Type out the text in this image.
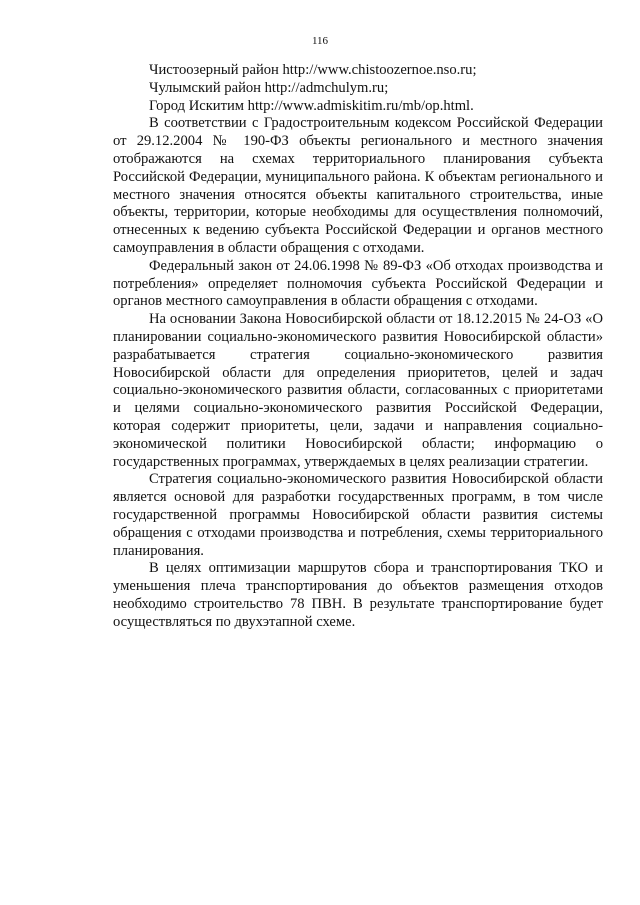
116

Чистоозерный район http://www.chistoozernoe.nso.ru;

Чулымский район http://admchulym.ru;

Город Искитим http://www.admiskitim.ru/mb/op.html.

В соответствии с Градостроительным кодексом Российской Федерации от 29.12.2004 № 190-ФЗ объекты регионального и местного значения отображаются на схемах территориального планирования субъекта Российской Федерации, муниципального района. К объектам регионального и местного значения относятся объекты капитального строительства, иные объекты, территории, которые необходимы для осуществления полномочий, отнесенных к ведению субъекта Российской Федерации и органов местного самоуправления в области обращения с отходами.

Федеральный закон от 24.06.1998 № 89-ФЗ «Об отходах производства и потребления» определяет полномочия субъекта Российской Федерации и органов местного самоуправления в области обращения с отходами.

На основании Закона Новосибирской области от 18.12.2015 № 24-ОЗ «О планировании социально-экономического развития Новосибирской области» разрабатывается стратегия социально-экономического развития Новосибирской области для определения приоритетов, целей и задач социально-экономического развития области, согласованных с приоритетами и целями социально-экономического развития Российской Федерации, которая содержит приоритеты, цели, задачи и направления социально-экономической политики Новосибирской области; информацию о государственных программах, утверждаемых в целях реализации стратегии.

Стратегия социально-экономического развития Новосибирской области является основой для разработки государственных программ, в том числе государственной программы Новосибирской области развития системы обращения с отходами производства и потребления, схемы территориального планирования.

В целях оптимизации маршрутов сбора и транспортирования ТКО и уменьшения плеча транспортирования до объектов размещения отходов необходимо строительство 78 ПВН. В результате транспортирование будет осуществляться по двухэтапной схеме.
